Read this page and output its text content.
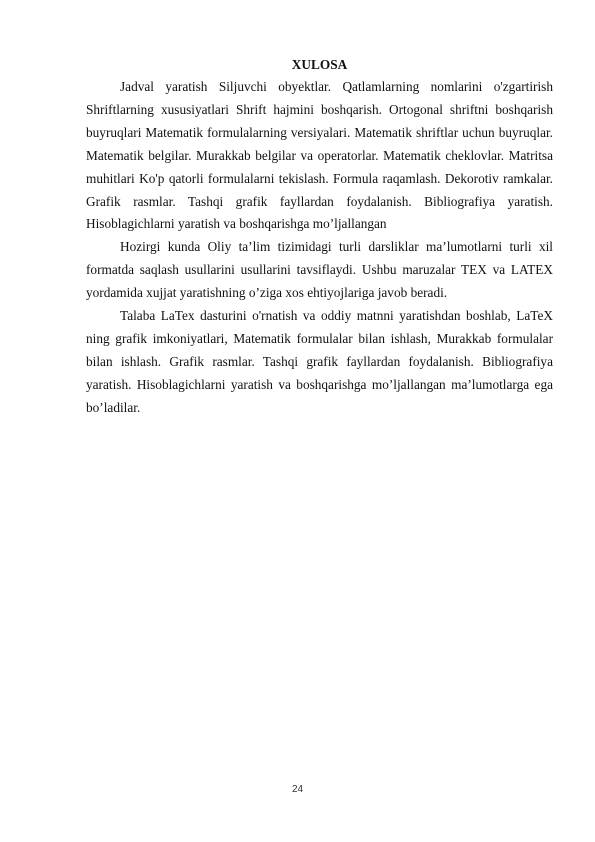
XULOSA

Jadval yaratish Siljuvchi obyektlar. Qatlamlarning nomlarini o'zgartirish Shriftlarning xususiyatlari Shrift hajmini boshqarish. Ortogonal shriftni boshqarish buyruqlari Matematik formulalarning versiyalari. Matematik shriftlar uchun buyruqlar. Matematik belgilar. Murakkab belgilar va operatorlar. Matematik cheklovlar. Matritsa muhitlari Ko'p qatorli formulalarni tekislash. Formula raqamlash. Dekorotiv ramkalar. Grafik rasmlar. Tashqi grafik fayllardan foydalanish. Bibliografiya yaratish. Hisoblagichlarni yaratish va boshqarishga mo’ljallangan

Hozirgi kunda Oliy ta’lim tizimidagi turli darsliklar ma’lumotlarni turli xil formatda saqlash usullarini usullarini tavsiflaydi. Ushbu maruzalar TEX va LATEX yordamida xujjat yaratishning o’ziga xos ehtiyojlariga javob beradi.

Talaba LaTex dasturini o'rnatish va oddiy matnni yaratishdan boshlab, LaTeX ning grafik imkoniyatlari, Matematik formulalar bilan ishlash, Murakkab formulalar bilan ishlash. Grafik rasmlar. Tashqi grafik fayllardan foydalanish. Bibliografiya yaratish. Hisoblagichlarni yaratish va boshqarishga mo’ljallangan ma’lumotlarga ega bo’ladilar.

24
